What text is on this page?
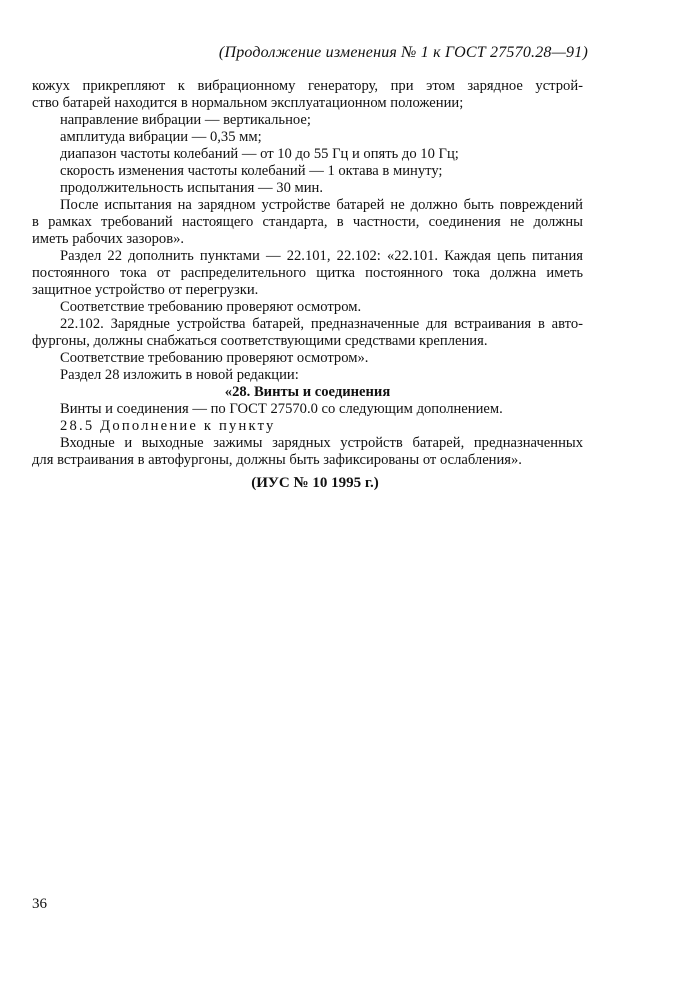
(Продолжение изменения № 1 к ГОСТ 27570.28—91)
кожух прикрепляют к вибрационному генератору, при этом зарядное устрой-
ство батарей находится в нормальном эксплуатационном положении;
направление вибрации — вертикальное;
амплитуда вибрации — 0,35 мм;
диапазон частоты колебаний — от 10 до 55 Гц и опять до 10 Гц;
скорость изменения частоты колебаний — 1 октава в минуту;
продолжительность испытания — 30 мин.
После испытания на зарядном устройстве батарей не должно быть повреждений
в рамках требований настоящего стандарта, в частности, соединения не должны
иметь рабочих зазоров».
Раздел 22 дополнить пунктами — 22.101, 22.102: «22.101. Каждая цепь питания
постоянного тока от распределительного щитка постоянного тока должна иметь
защитное устройство от перегрузки.
Соответствие требованию проверяют осмотром.
22.102. Зарядные устройства батарей, предназначенные для встраивания в авто-
фургоны, должны снабжаться соответствующими средствами крепления.
Соответствие требованию проверяют осмотром».
Раздел 28 изложить в новой редакции:
«28. Винты и соединения
Винты и соединения — по ГОСТ 27570.0 со следующим дополнением.
28.5 Дополнение к пункту
Входные и выходные зажимы зарядных устройств батарей, предназначенных
для встраивания в автофургоны, должны быть зафиксированы от ослабления».
(ИУС № 10 1995 г.)
36
